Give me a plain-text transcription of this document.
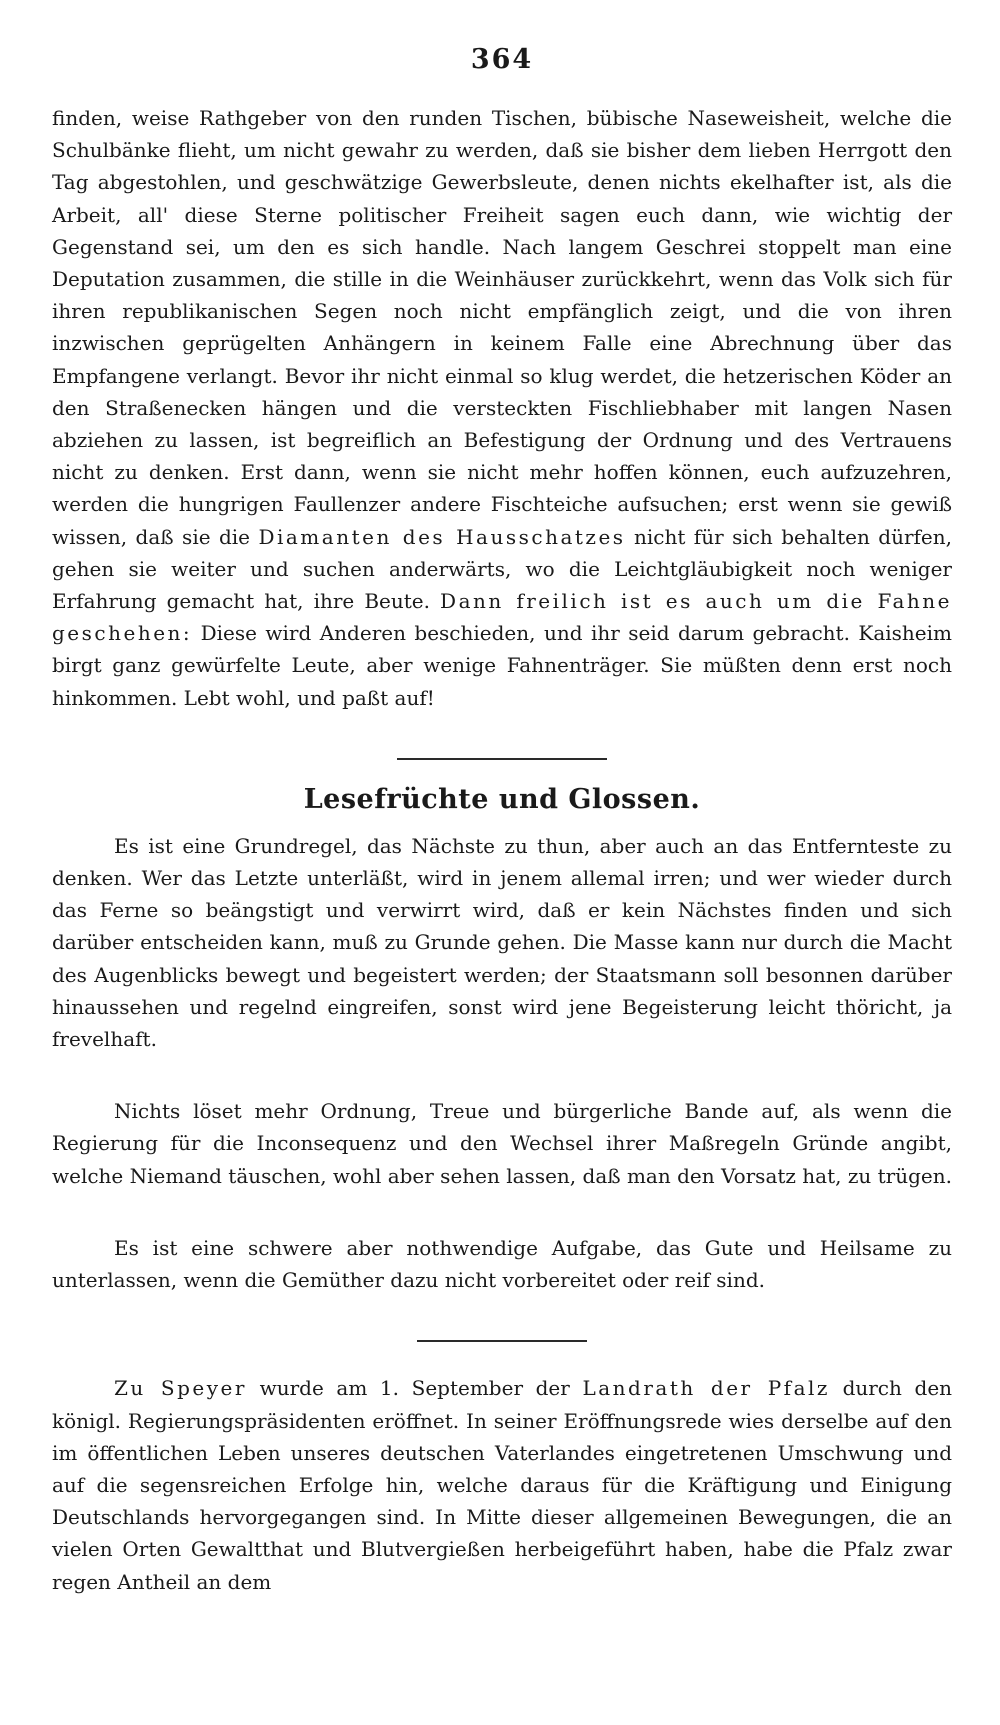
364

finden, weise Rathgeber von den runden Tischen, bübische Naseweisheit, welche die Schulbänke flieht, um nicht gewahr zu werden, daß sie bisher dem lieben Herrgott den Tag abgestohlen, und geschwätzige Gewerbsleute, denen nichts ekelhafter ist, als die Arbeit, all' diese Sterne politischer Freiheit sagen euch dann, wie wichtig der Gegenstand sei, um den es sich handle. Nach langem Geschrei stoppelt man eine Deputation zusammen, die stille in die Weinhäuser zurückkehrt, wenn das Volk sich für ihren republikanischen Segen noch nicht empfänglich zeigt, und die von ihren inzwischen geprügelten Anhängern in keinem Falle eine Abrechnung über das Empfangene verlangt. Bevor ihr nicht einmal so klug werdet, die hetzerischen Köder an den Straßenecken hängen und die versteckten Fischliebhaber mit langen Nasen abziehen zu lassen, ist begreiflich an Befestigung der Ordnung und des Vertrauens nicht zu denken. Erst dann, wenn sie nicht mehr hoffen können, euch aufzuzehren, werden die hungrigen Faullenzer andere Fischteiche aufsuchen; erst wenn sie gewiß wissen, daß sie die Diamanten des Hausschatzes nicht für sich behalten dürfen, gehen sie weiter und suchen anderwärts, wo die Leichtgläubigkeit noch weniger Erfahrung gemacht hat, ihre Beute. Dann freilich ist es auch um die Fahne geschehen: Diese wird Anderen beschieden, und ihr seid darum gebracht. Kaisheim birgt ganz gewürfelte Leute, aber wenige Fahnenträger. Sie müßten denn erst noch hinkommen. Lebt wohl, und paßt auf!

Lesefrüchte und Glossen.

Es ist eine Grundregel, das Nächste zu thun, aber auch an das Entfernteste zu denken. Wer das Letzte unterläßt, wird in jenem allemal irren; und wer wieder durch das Ferne so beängstigt und verwirrt wird, daß er kein Nächstes finden und sich darüber entscheiden kann, muß zu Grunde gehen. Die Masse kann nur durch die Macht des Augenblicks bewegt und begeistert werden; der Staatsmann soll besonnen darüber hinaussehen und regelnd eingreifen, sonst wird jene Begeisterung leicht thöricht, ja frevelhaft.

Nichts löset mehr Ordnung, Treue und bürgerliche Bande auf, als wenn die Regierung für die Inconsequenz und den Wechsel ihrer Maßregeln Gründe angibt, welche Niemand täuschen, wohl aber sehen lassen, daß man den Vorsatz hat, zu trügen.

Es ist eine schwere aber nothwendige Aufgabe, das Gute und Heilsame zu unterlassen, wenn die Gemüther dazu nicht vorbereitet oder reif sind.

Zu Speyer wurde am 1. September der Landrath der Pfalz durch den königl. Regierungspräsidenten eröffnet. In seiner Eröffnungsrede wies derselbe auf den im öffentlichen Leben unseres deutschen Vaterlandes eingetretenen Umschwung und auf die segensreichen Erfolge hin, welche daraus für die Kräftigung und Einigung Deutschlands hervorgegangen sind. In Mitte dieser allgemeinen Bewegungen, die an vielen Orten Gewaltthat und Blutvergießen herbeigeführt haben, habe die Pfalz zwar regen Antheil an dem
